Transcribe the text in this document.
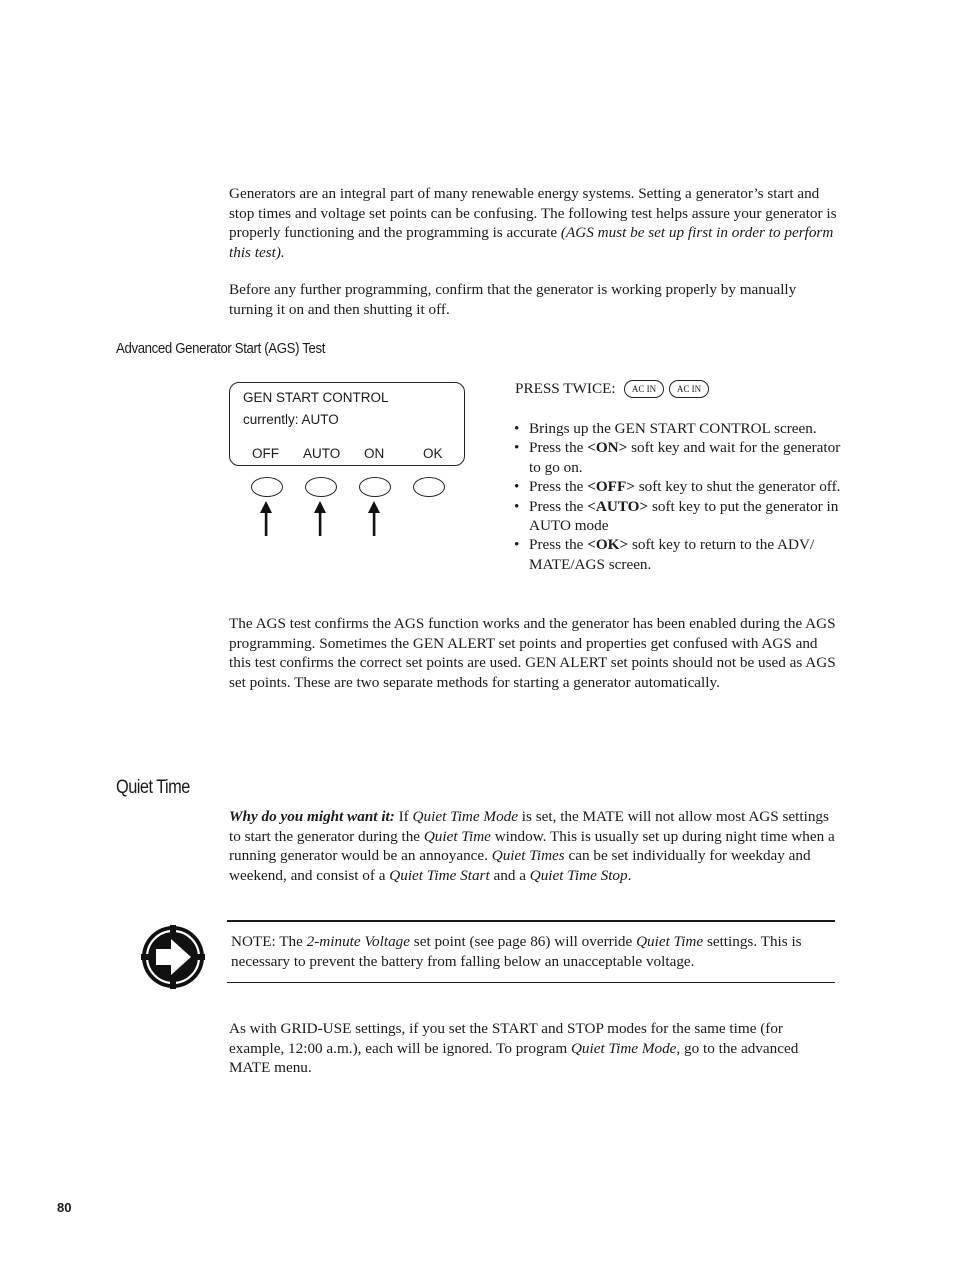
Generators are an integral part of many renewable energy systems. Setting a generator’s start and stop times and voltage set points can be confusing. The following test helps assure your generator is properly functioning and the programming is accurate (AGS must be set up first in order to perform this test).

Before any further programming, confirm that the generator is working properly by manually turning it on and then shutting it off.

Advanced Generator Start (AGS) Test
GEN START CONTROL
currently: AUTO
OFF AUTO ON	OK
PRESS TWICE:	AC IN	AC IN
• Brings up the GEN START CONTROL screen.
• Press the <ON> soft key and wait for the generator to go on.
• Press the <OFF> soft key to shut the generator off.
• Press the <AUTO> soft key to put the generator in AUTO mode
• Press the <OK> soft key to return to the ADV/ MATE/AGS screen.

The AGS test confirms the AGS function works and the generator has been enabled during the AGS programming. Sometimes the GEN ALERT set points and properties get confused with AGS and this test confirms the correct set points are used. GEN ALERT set points should not be used as AGS set points. These are two separate methods for starting a generator automatically.

Quiet Time

Why do you might want it: If Quiet Time Mode is set, the MATE will not allow most AGS settings to start the generator during the Quiet Time window. This is usually set up during night time when a running generator would be an annoyance. Quiet Times can be set individually for weekday and weekend, and consist of a Quiet Time Start and a Quiet Time Stop.

NOTE: The 2-minute Voltage set point (see page 86) will override Quiet Time settings. This is necessary to prevent the battery from falling below an unacceptable voltage.

As with GRID-USE settings, if you set the START and STOP modes for the same time (for example, 12:00 a.m.), each will be ignored. To program Quiet Time Mode, go to the advanced MATE menu.

80
